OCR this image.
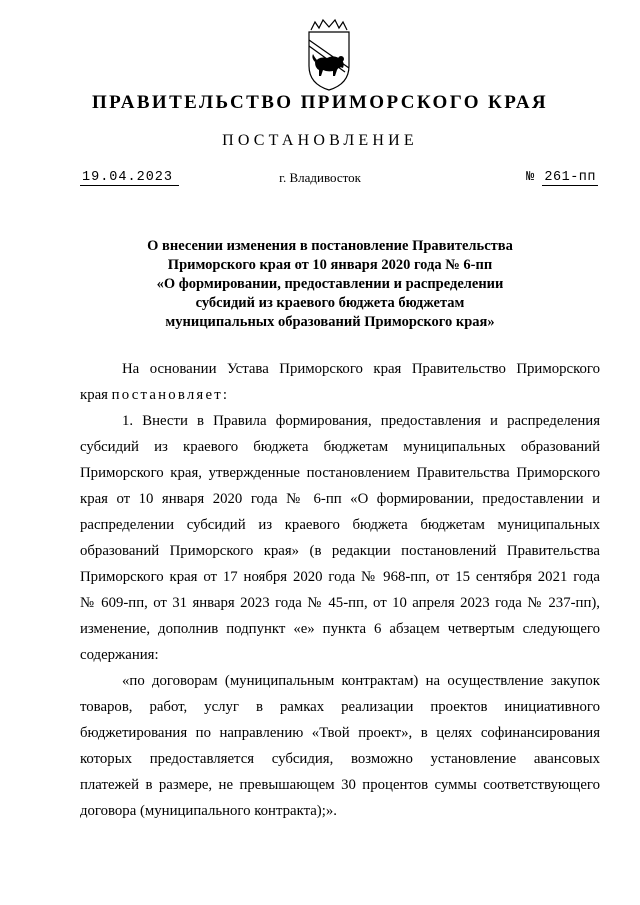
ПРАВИТЕЛЬСТВО ПРИМОРСКОГО КРАЯ
ПОСТАНОВЛЕНИЕ
19.04.2023	г. Владивосток	№ 261-пп
О внесении изменения в постановление Правительства
Приморского края от 10 января 2020 года № 6-пп
«О формировании, предоставлении и распределении
субсидий из краевого бюджета бюджетам
муниципальных образований Приморского края»
На основании Устава Приморского края Правительство Приморского
края постановляет:
1. Внести в Правила формирования, предоставления и распределения
субсидий из краевого бюджета бюджетам муниципальных образований
Приморского края, утвержденные постановлением Правительства Приморского
края от 10 января 2020 года № 6-пп «О формировании, предоставлении и
распределении субсидий из краевого бюджета бюджетам муниципальных
образований Приморского края» (в редакции постановлений Правительства
Приморского края от 17 ноября 2020 года № 968-пп, от 15 сентября 2021 года
№ 609-пп, от 31 января 2023 года № 45-пп, от 10 апреля 2023 года № 237-пп),
изменение, дополнив подпункт «е» пункта 6 абзацем четвертым следующего
содержания:
«по договорам (муниципальным контрактам) на осуществление закупок
товаров, работ, услуг в рамках реализации проектов инициативного
бюджетирования по направлению «Твой проект», в целях софинансирования
которых предоставляется субсидия, возможно установление авансовых
платежей в размере, не превышающем 30 процентов суммы соответствующего
договора (муниципального контракта);».
